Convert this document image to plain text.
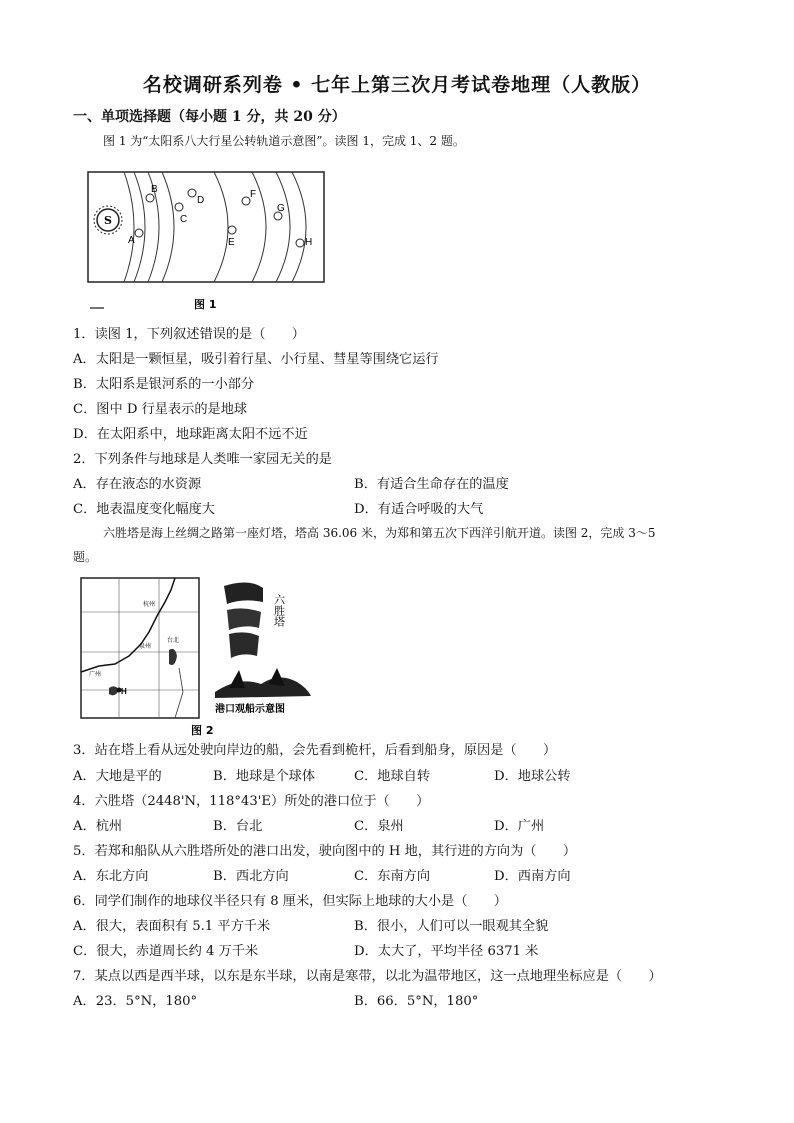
名校调研系列卷 • 七年上第三次月考试卷地理（人教版）
一、单项选择题（每小题 1 分，共 20 分）
图 1 为“太阳系八大行星公转轨道示意图”。读图 1，完成 1、2 题。
S
A
B
C
D
E
F
G
H
图 1
1．读图 1，下列叙述错误的是（　　）
A．太阳是一颗恒星，吸引着行星、小行星、彗星等围绕它运行
B．太阳系是银河系的一小部分
C．图中 D 行星表示的是地球
D．在太阳系中，地球距离太阳不远不近
2．下列条件与地球是人类唯一家园无关的是
A．存在液态的水资源	B．有适合生命存在的温度
C．地表温度变化幅度大	D．有适合呼吸的大气
六胜塔是海上丝绸之路第一座灯塔，塔高 36.06 米，为郑和第五次下西洋引航开道。读图 2，完成 3～5
题。
杭州
台北
泉州
广州
H
六胜塔
港口观船示意图
图 2
3．站在塔上看从远处驶向岸边的船，会先看到桅杆，后看到船身，原因是（　　）
A．大地是平的	B．地球是个球体	C．地球自转	D．地球公转
4．六胜塔（2448'N，118°43'E）所处的港口位于（　　）
A．杭州	B．台北	C．泉州	D．广州
5．若郑和船队从六胜塔所处的港口出发，驶向图中的 H 地，其行进的方向为（　　）
A．东北方向	B．西北方向	C．东南方向	D．西南方向
6．同学们制作的地球仪半径只有 8 厘米，但实际上地球的大小是（　　）
A．很大，表面积有 5.1 平方千米	B．很小，人们可以一眼观其全貌
C．很大，赤道周长约 4 万千米	D．太大了，平均半径 6371 米
7．某点以西是西半球，以东是东半球，以南是寒带，以北为温带地区，这一点地理坐标应是（　　）
A．23．5°N，180°	B．66．5°N，180°
